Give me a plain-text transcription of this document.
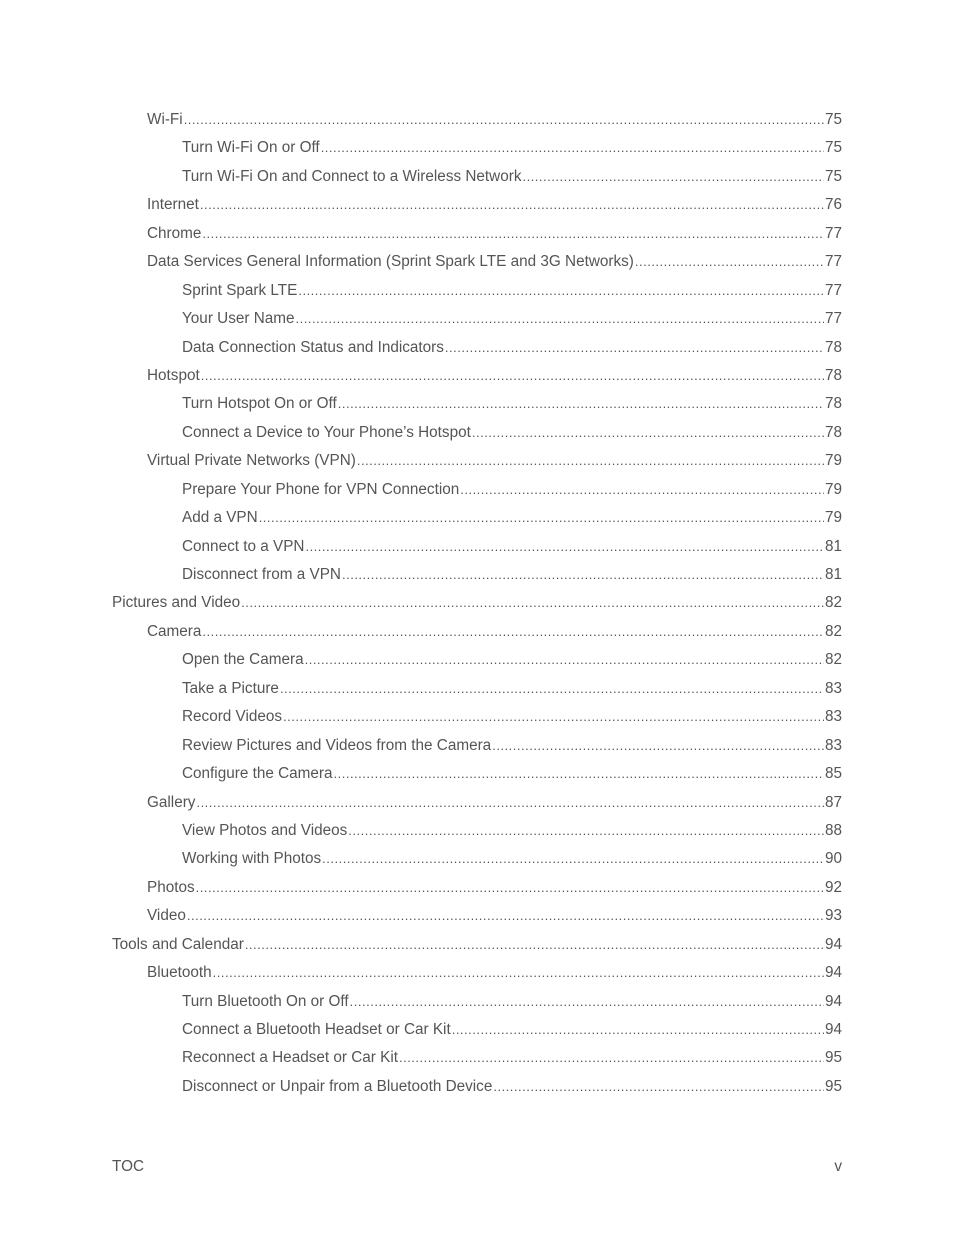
Wi-Fi .....	75
Turn Wi-Fi On or Off .....	75
Turn Wi-Fi On and Connect to a Wireless Network .....	75
Internet .....	76
Chrome .....	77
Data Services General Information (Sprint Spark LTE and 3G Networks) .....	77
Sprint Spark LTE .....	77
Your User Name .....	77
Data Connection Status and Indicators .....	78
Hotspot .....	78
Turn Hotspot On or Off .....	78
Connect a Device to Your Phone’s Hotspot .....	78
Virtual Private Networks (VPN) .....	79
Prepare Your Phone for VPN Connection .....	79
Add a VPN .....	79
Connect to a VPN .....	81
Disconnect from a VPN .....	81
Pictures and Video .....	82
Camera .....	82
Open the Camera .....	82
Take a Picture .....	83
Record Videos .....	83
Review Pictures and Videos from the Camera .....	83
Configure the Camera .....	85
Gallery .....	87
View Photos and Videos .....	88
Working with Photos .....	90
Photos .....	92
Video .....	93
Tools and Calendar .....	94
Bluetooth .....	94
Turn Bluetooth On or Off .....	94
Connect a Bluetooth Headset or Car Kit .....	94
Reconnect a Headset or Car Kit .....	95
Disconnect or Unpair from a Bluetooth Device .....	95
TOC	v
